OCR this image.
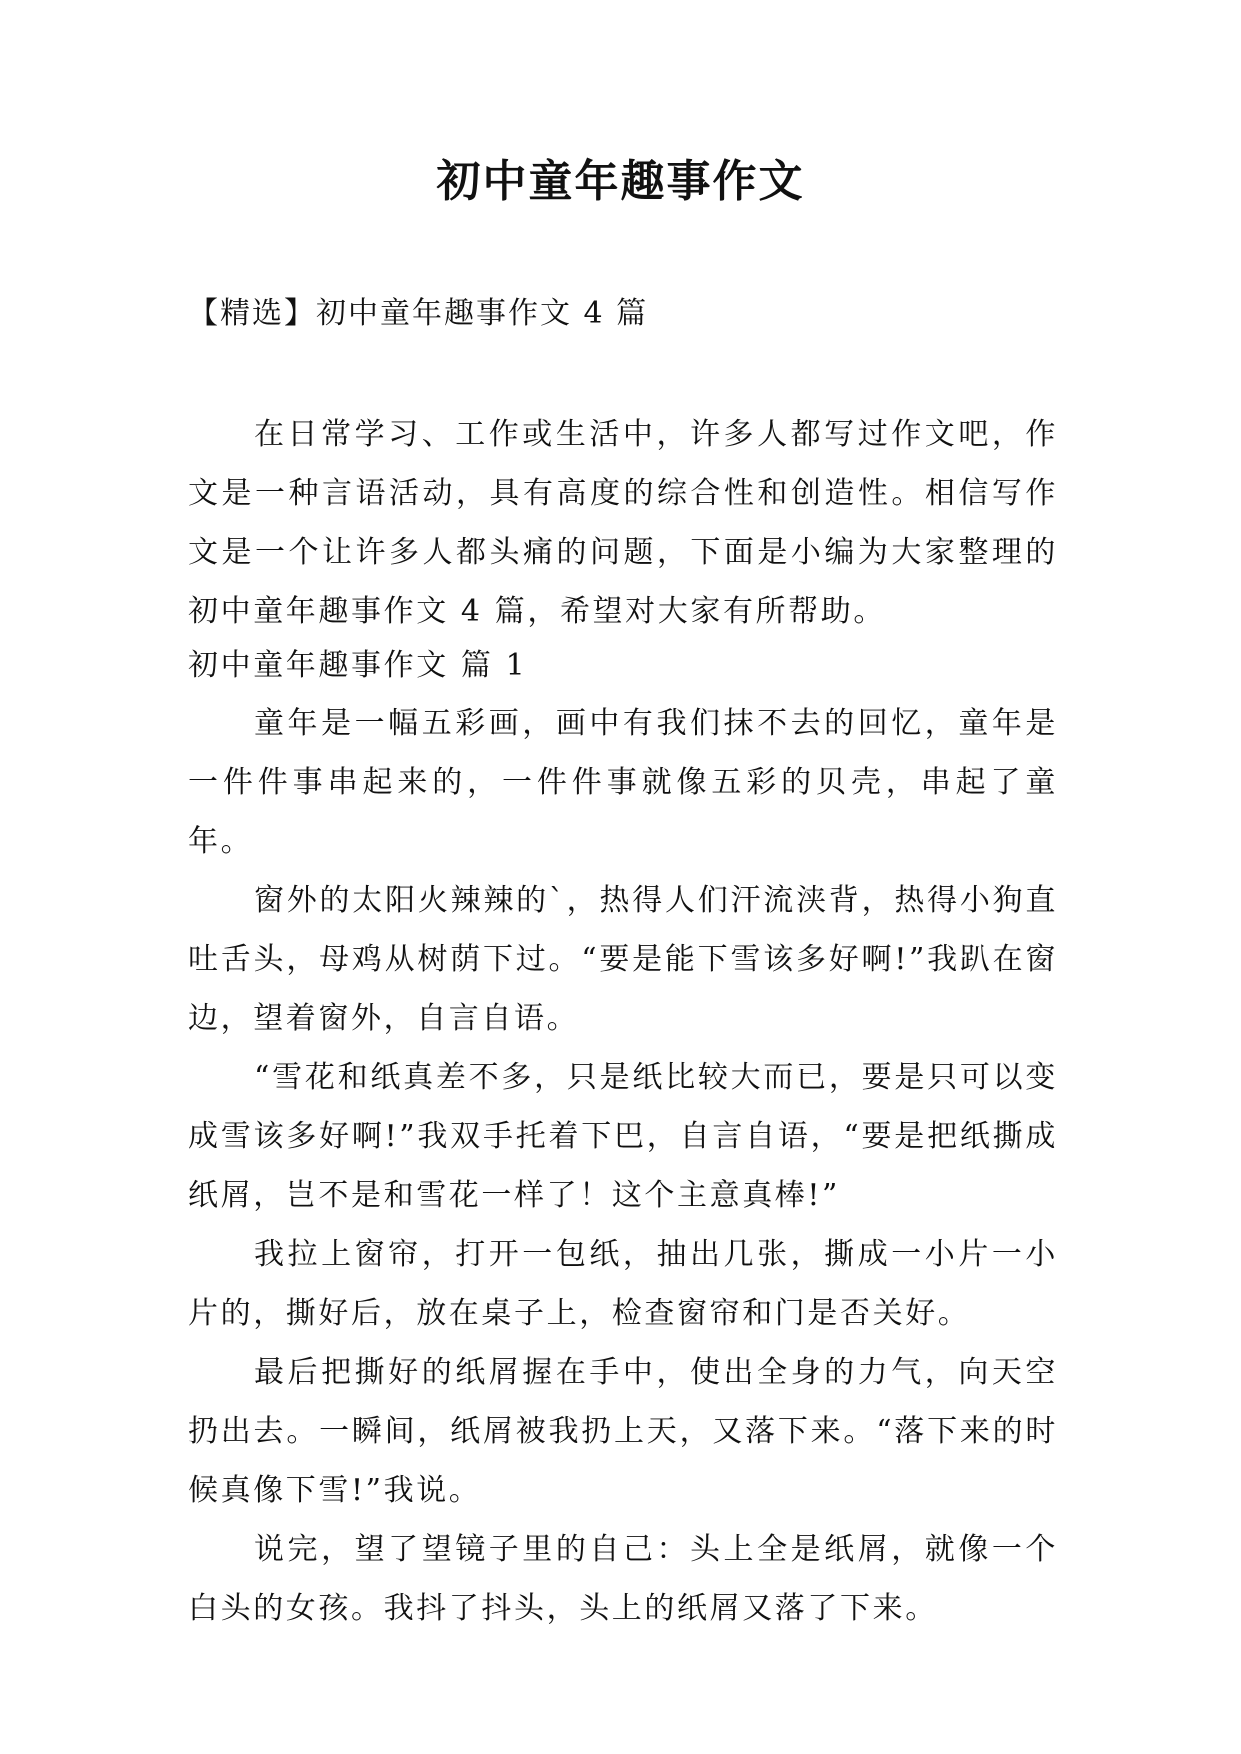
初中童年趣事作文

【精选】初中童年趣事作文 4 篇

在日常学习、工作或生活中，许多人都写过作文吧，作文是一种言语活动，具有高度的综合性和创造性。相信写作文是一个让许多人都头痛的问题，下面是小编为大家整理的初中童年趣事作文 4 篇，希望对大家有所帮助。

初中童年趣事作文 篇 1

童年是一幅五彩画，画中有我们抹不去的回忆，童年是一件件事串起来的，一件件事就像五彩的贝壳，串起了童年。

窗外的太阳火辣辣的`，热得人们汗流浃背，热得小狗直吐舌头，母鸡从树荫下过。“要是能下雪该多好啊!”我趴在窗边，望着窗外，自言自语。

“雪花和纸真差不多，只是纸比较大而已，要是只可以变成雪该多好啊!”我双手托着下巴，自言自语，“要是把纸撕成纸屑，岂不是和雪花一样了！这个主意真棒!”

我拉上窗帘，打开一包纸，抽出几张，撕成一小片一小片的，撕好后，放在桌子上，检查窗帘和门是否关好。

最后把撕好的纸屑握在手中，使出全身的力气，向天空扔出去。一瞬间，纸屑被我扔上天，又落下来。“落下来的时候真像下雪!”我说。

说完，望了望镜子里的自己：头上全是纸屑，就像一个白头的女孩。我抖了抖头，头上的纸屑又落了下来。
